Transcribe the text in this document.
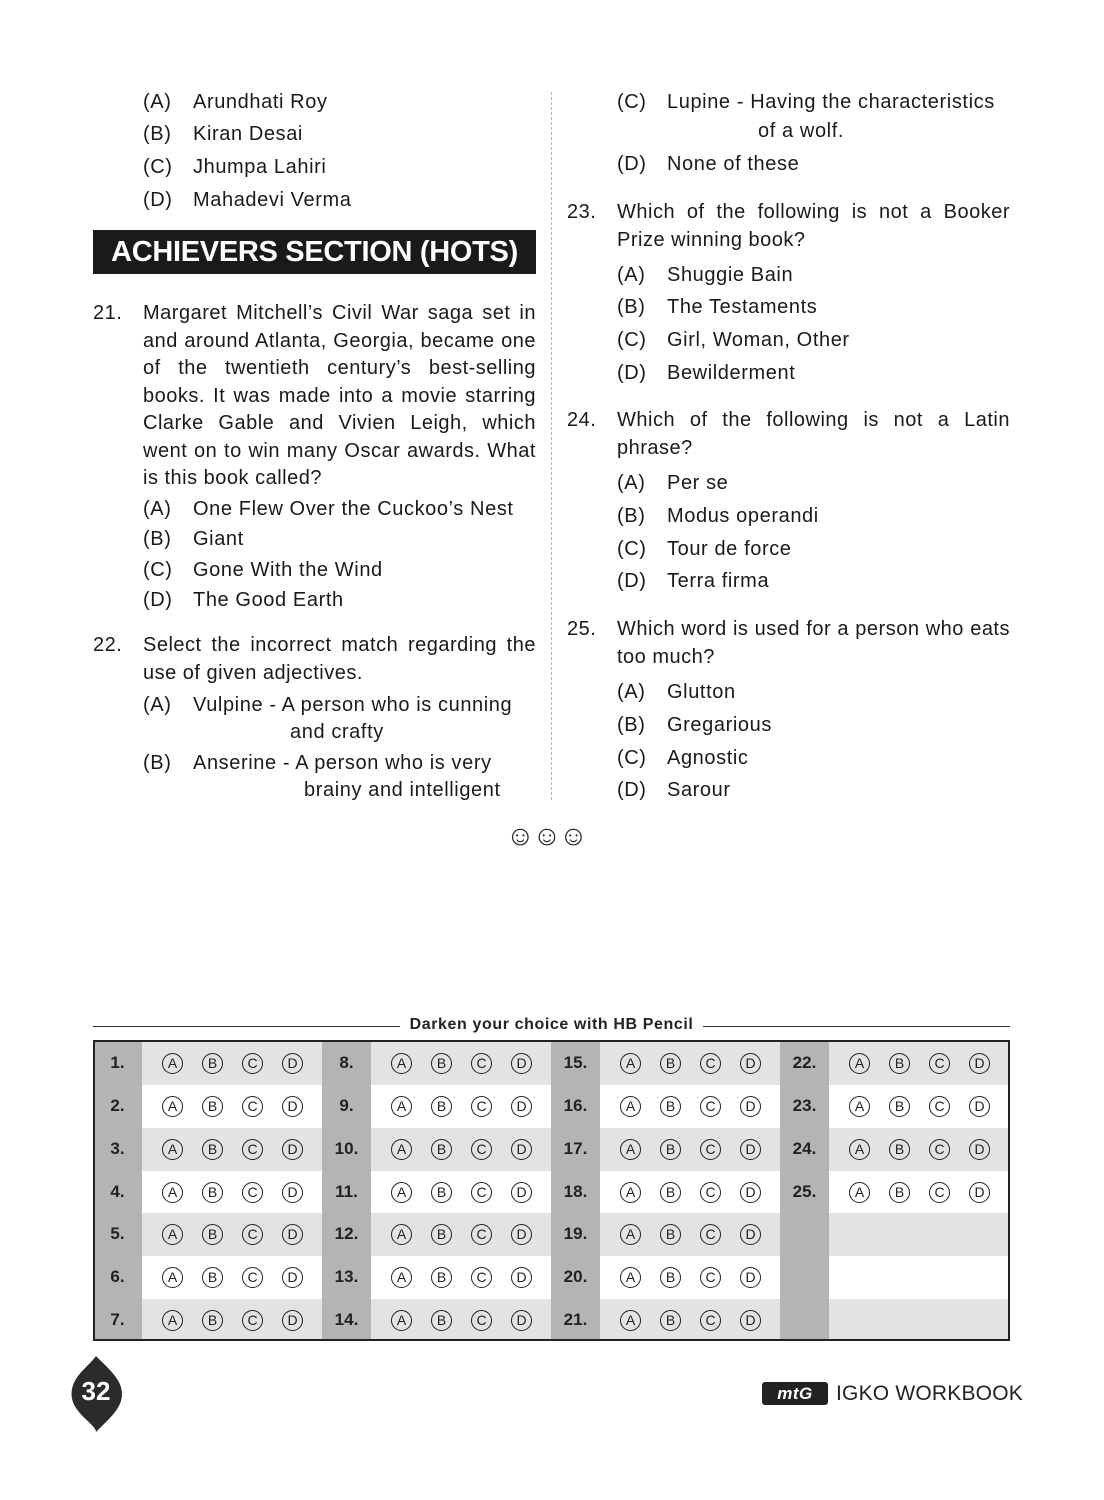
(A) Arundhati Roy
(B) Kiran Desai
(C) Jhumpa Lahiri
(D) Mahadevi Verma
ACHIEVERS SECTION (HOTS)
21. Margaret Mitchell’s Civil War saga set in and around Atlanta, Georgia, became one of the twentieth century’s best-selling books. It was made into a movie starring Clarke Gable and Vivien Leigh, which went on to win many Oscar awards. What is this book called?
(A) One Flew Over the Cuckoo’s Nest
(B) Giant
(C) Gone With the Wind
(D) The Good Earth
22. Select the incorrect match regarding the use of given adjectives.
(A) Vulpine - A person who is cunning
and crafty
(B) Anserine - A person who is very
brainy and intelligent
(C) Lupine - Having the characteristics
of a wolf.
(D) None of these
23. Which of the following is not a Booker Prize winning book?
(A) Shuggie Bain
(B) The Testaments
(C) Girl, Woman, Other
(D) Bewilderment
24. Which of the following is not a Latin phrase?
(A) Per se
(B) Modus operandi
(C) Tour de force
(D) Terra firma
25. Which word is used for a person who eats too much?
(A) Glutton
(B) Gregarious
(C) Agnostic
(D) Sarour
☺☺☺
Darken your choice with HB Pencil
1.	A	B	C	D
2.	A	B	C	D
3.	A	B	C	D
4.	A	B	C	D
5.	A	B	C	D
6.	A	B	C	D
7.	A	B	C	D
8.	A	B	C	D
9.	A	B	C	D
10.	A	B	C	D
11.	A	B	C	D
12.	A	B	C	D
13.	A	B	C	D
14.	A	B	C	D
15.	A	B	C	D
16.	A	B	C	D
17.	A	B	C	D
18.	A	B	C	D
19.	A	B	C	D
20.	A	B	C	D
21.	A	B	C	D
22.	A	B	C	D
23.	A	B	C	D
24.	A	B	C	D
25.	A	B	C	D
32	mtG	IGKO WORKBOOK
